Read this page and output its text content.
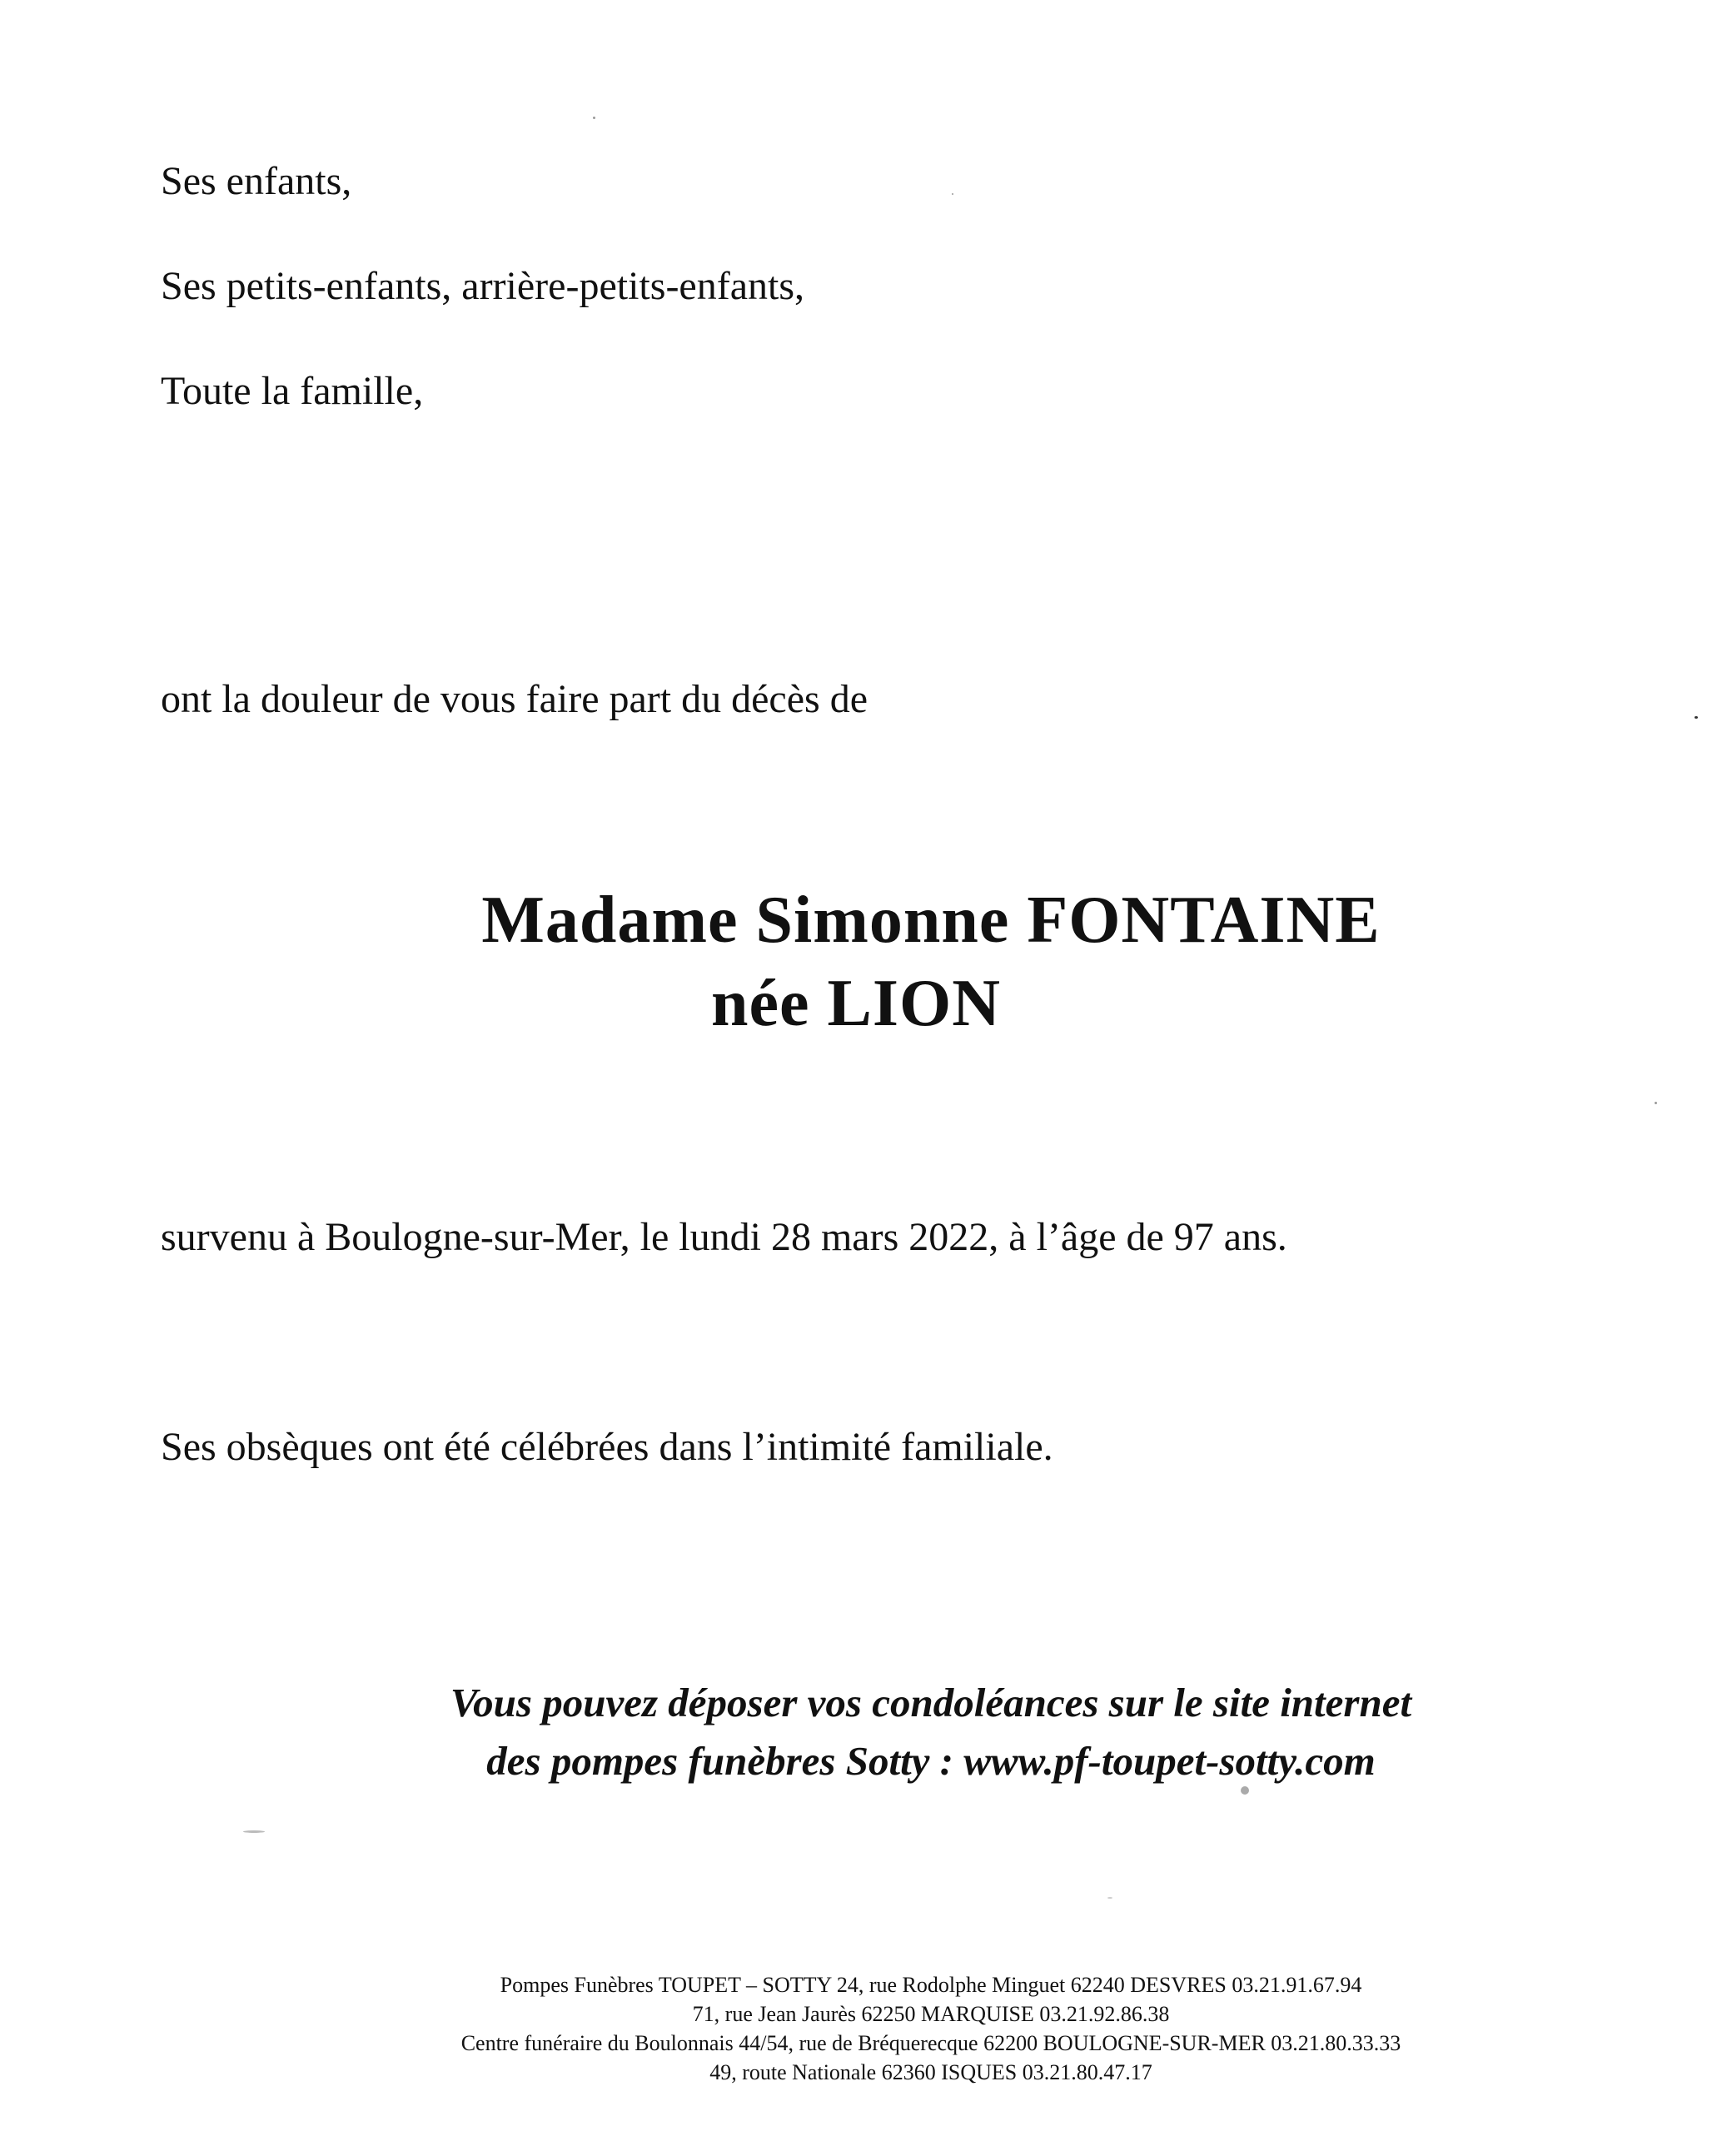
Ses enfants,

Ses petits-enfants, arrière-petits-enfants,

Toute la famille,

ont la douleur de vous faire part du décès de

Madame Simonne FONTAINE
née LION

survenu à Boulogne-sur-Mer, le lundi 28 mars 2022, à l’âge de 97 ans.

Ses obsèques ont été célébrées dans l’intimité familiale.

Vous pouvez déposer vos condoléances sur le site internet
des pompes funèbres Sotty : www.pf-toupet-sotty.com
Pompes Funèbres TOUPET – SOTTY 24, rue Rodolphe Minguet 62240 DESVRES 03.21.91.67.94
71, rue Jean Jaurès 62250 MARQUISE 03.21.92.86.38
Centre funéraire du Boulonnais 44/54, rue de Bréquerecque 62200 BOULOGNE-SUR-MER 03.21.80.33.33
49, route Nationale 62360 ISQUES 03.21.80.47.17
